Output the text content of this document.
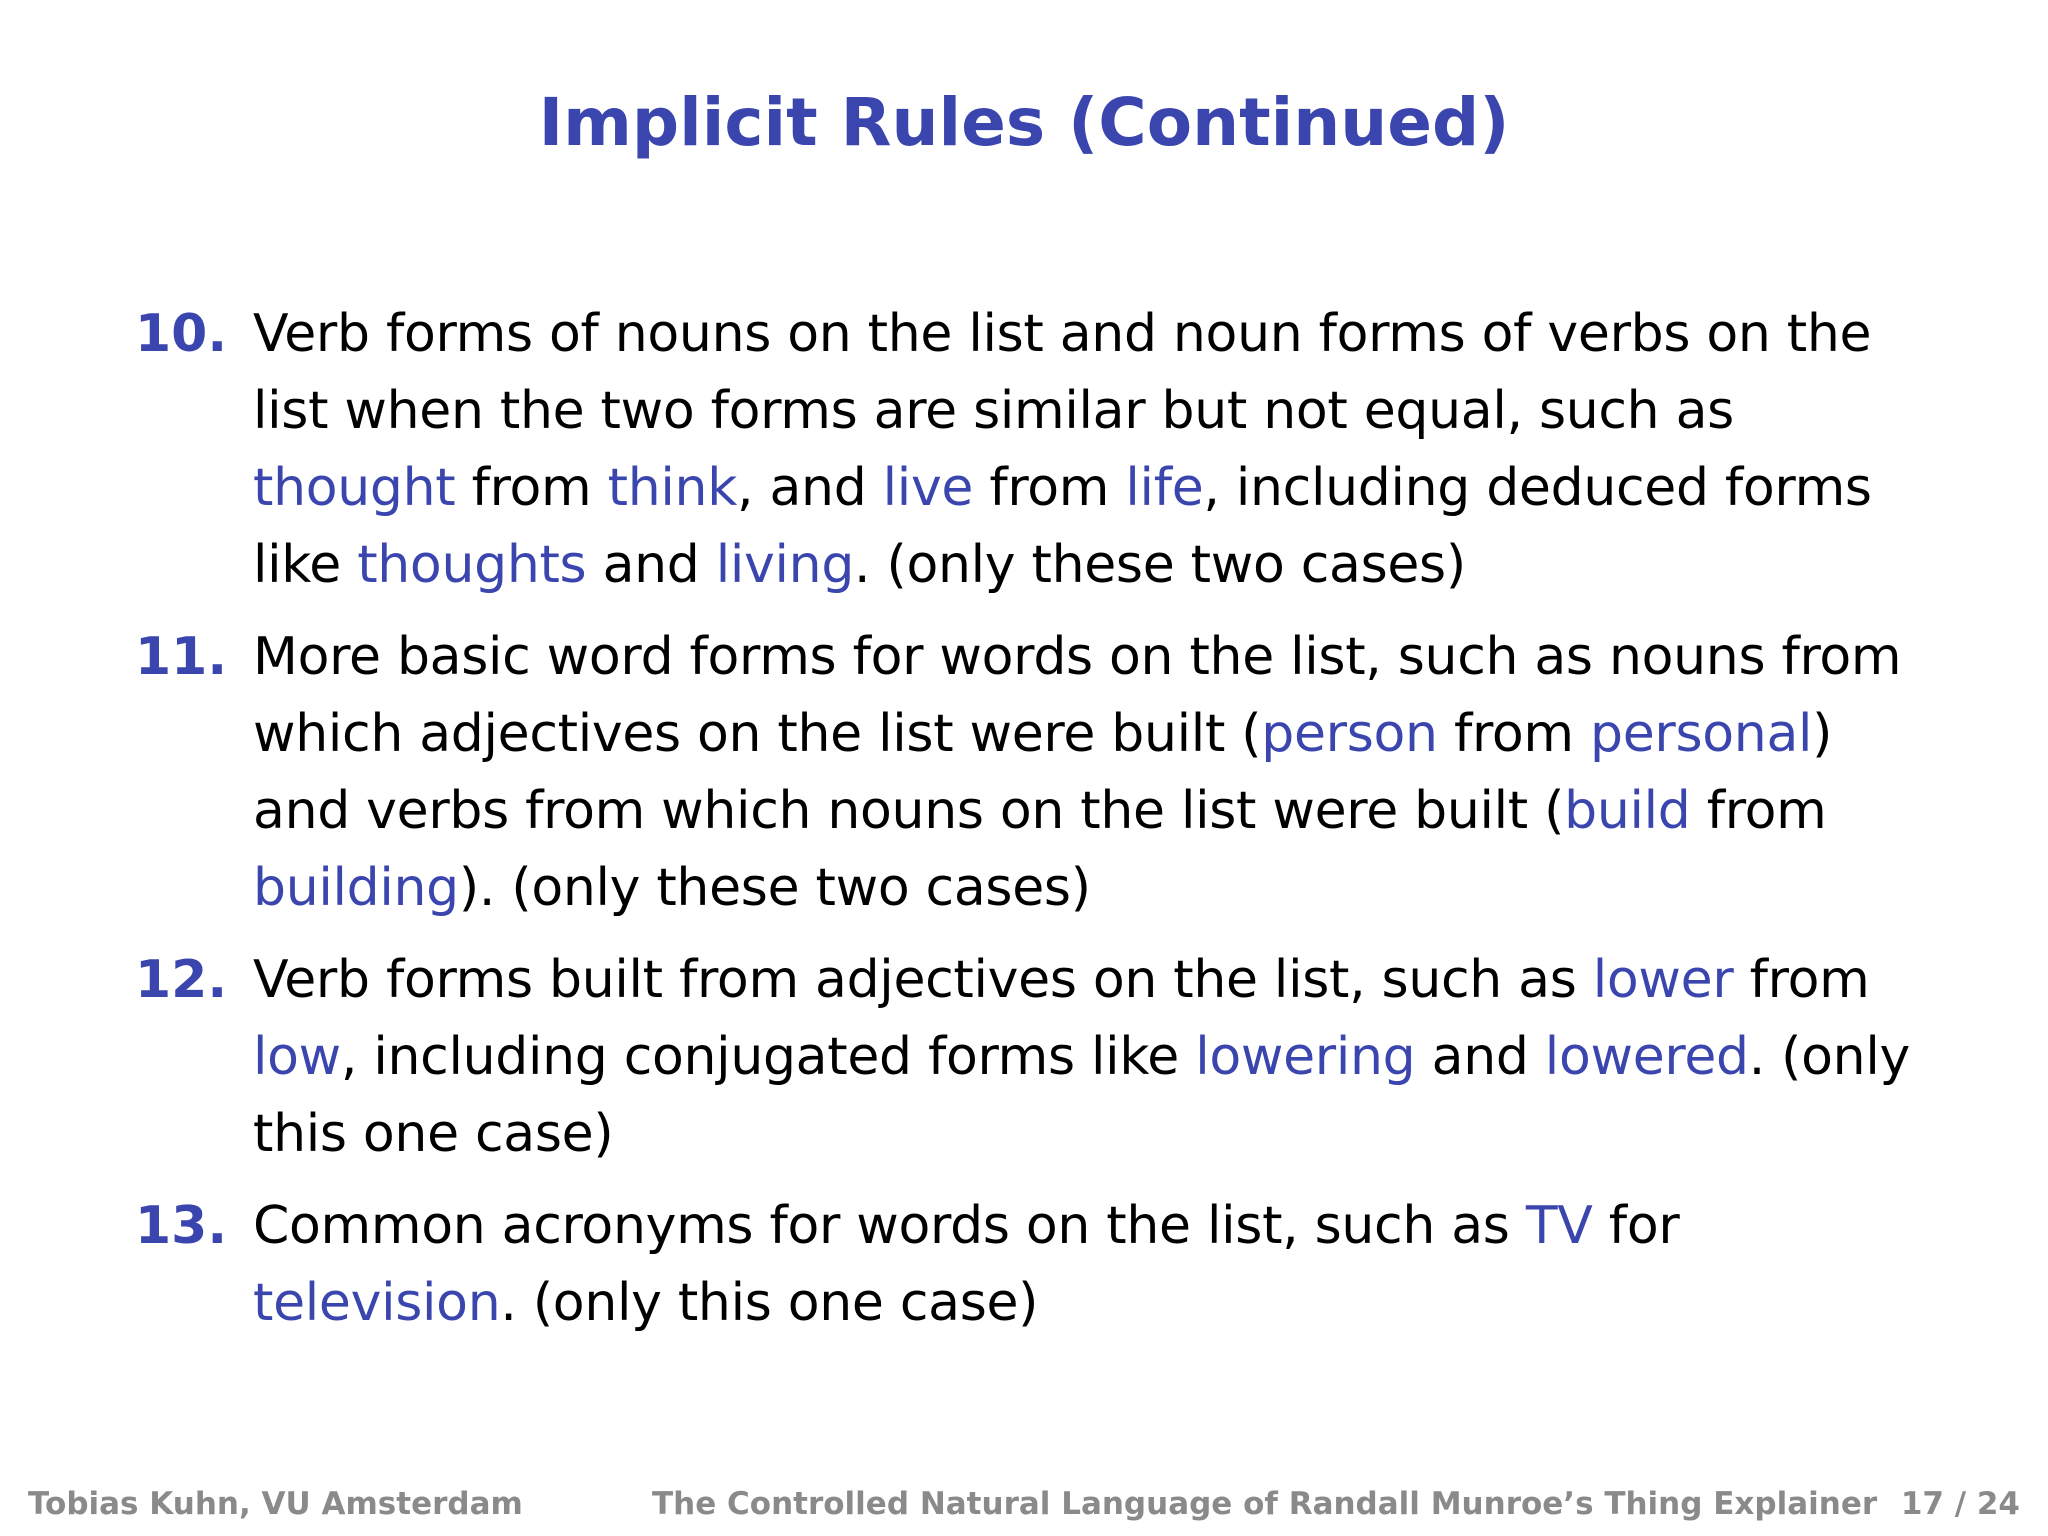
Implicit Rules (Continued)
10. Verb forms of nouns on the list and noun forms of verbs on the list when the two forms are similar but not equal, such as thought from think, and live from life, including deduced forms like thoughts and living. (only these two cases)
11. More basic word forms for words on the list, such as nouns from which adjectives on the list were built (person from personal) and verbs from which nouns on the list were built (build from building). (only these two cases)
12. Verb forms built from adjectives on the list, such as lower from low, including conjugated forms like lowering and lowered. (only this one case)
13. Common acronyms for words on the list, such as TV for television. (only this one case)
Tobias Kuhn, VU Amsterdam	The Controlled Natural Language of Randall Munroe’s Thing Explainer 17 / 24
